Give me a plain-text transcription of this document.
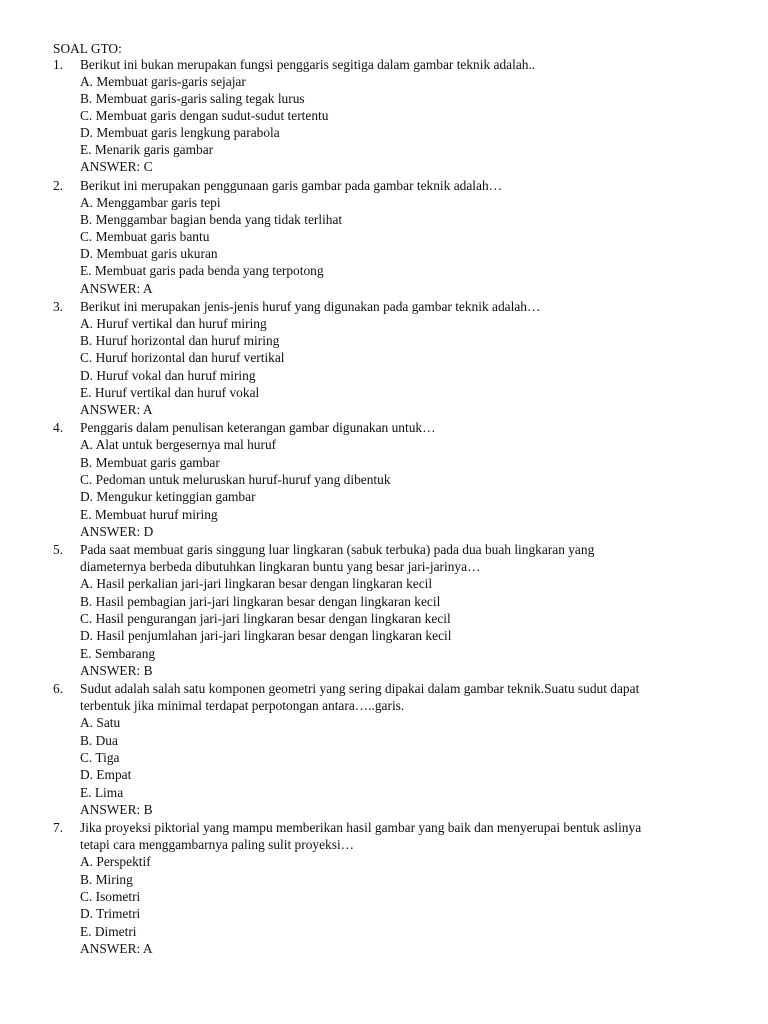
SOAL GTO:
1.	Berikut ini bukan merupakan fungsi penggaris segitiga dalam gambar teknik adalah..
A. Membuat garis-garis sejajar
B. Membuat garis-garis saling tegak lurus
C. Membuat garis dengan sudut-sudut tertentu
D. Membuat garis lengkung parabola
E. Menarik garis gambar
ANSWER: C
2.	Berikut ini merupakan penggunaan garis gambar pada gambar teknik adalah…
A. Menggambar garis tepi
B. Menggambar bagian benda yang tidak terlihat
C. Membuat garis bantu
D. Membuat garis ukuran
E. Membuat garis pada benda yang terpotong
ANSWER: A
3.	Berikut ini merupakan jenis-jenis huruf yang digunakan pada gambar teknik adalah…
A. Huruf vertikal dan huruf miring
B. Huruf horizontal dan huruf miring
C. Huruf horizontal dan huruf vertikal
D. Huruf vokal dan huruf miring
E. Huruf vertikal dan huruf vokal
ANSWER: A
4.	Penggaris dalam penulisan keterangan gambar digunakan untuk…
A. Alat untuk bergesernya mal huruf
B. Membuat garis gambar
C. Pedoman untuk meluruskan huruf-huruf yang dibentuk
D. Mengukur ketinggian gambar
E. Membuat huruf miring
ANSWER: D
5.	Pada saat membuat garis singgung luar lingkaran (sabuk terbuka) pada dua buah lingkaran yang
diameternya berbeda dibutuhkan lingkaran buntu yang besar jari-jarinya…
A. Hasil perkalian jari-jari lingkaran besar dengan lingkaran kecil
B. Hasil pembagian jari-jari lingkaran besar dengan lingkaran kecil
C. Hasil pengurangan jari-jari lingkaran besar dengan lingkaran kecil
D. Hasil penjumlahan jari-jari lingkaran besar dengan lingkaran kecil
E. Sembarang
ANSWER: B
6.	Sudut adalah salah satu komponen geometri yang sering dipakai dalam gambar teknik.Suatu sudut dapat
terbentuk jika minimal terdapat perpotongan antara…..garis.
A. Satu
B. Dua
C. Tiga
D. Empat
E. Lima
ANSWER: B
7.	Jika proyeksi piktorial yang mampu memberikan hasil gambar yang baik dan menyerupai bentuk aslinya
tetapi cara menggambarnya paling sulit proyeksi…
A. Perspektif
B. Miring
C. Isometri
D. Trimetri
E. Dimetri
ANSWER: A
